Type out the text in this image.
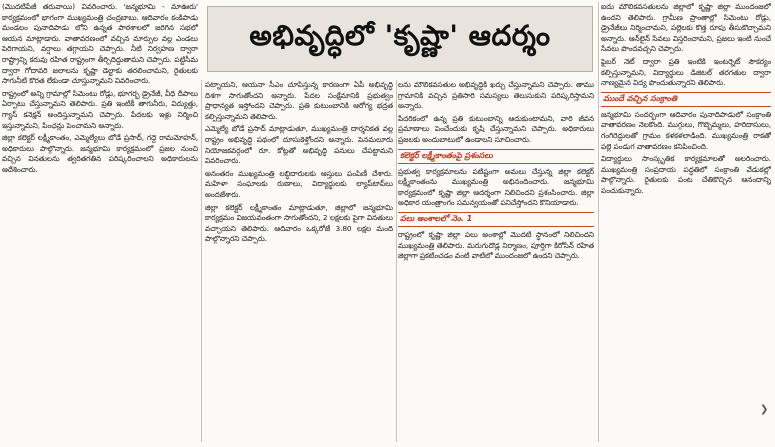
అభివృద్ధిలో 'కృష్ణా' ఆదర్శం

(మొదటిపేజీ తరువాయి) వివరించారు. 'జన్మభూమి - మాఊరు' కార్యక్రమంలో భాగంగా ముఖ్యమంత్రి చంద్రబాబు. ఆదివారం కంకిపాడు మండలం పునాదిపాడు లోని ఉన్నత పాఠశాలలో జరిగిన సభలో ఆయన మాట్లాడారు. వాతావరణంలో వచ్చిన మార్పుల వల్ల ఎండలు పెరిగాయని, వర్షాలు తగ్గాయని చెప్పారు. నీటి నిర్వహణ ద్వారా రాష్ట్రాన్ని కరువు రహిత రాష్ట్రంగా తీర్చిదిద్దుతామని చెప్పారు. పట్టిసీమ ద్వారా గోదావరి జలాలను కృష్ణా డెల్టాకు తరలించామని, రైతులకు సాగునీటి కొరత లేకుండా చూస్తున్నామని వివరించారు.

రాష్ట్రంలో అన్ని గ్రామాల్లో సిమెంటు రోడ్లు, భూగర్భ డ్రైనేజీ, వీధి దీపాలు ఏర్పాటు చేస్తున్నామని తెలిపారు. ప్రతి ఇంటికీ తాగునీరు, విద్యుత్తు, గ్యాస్ కనెక్షన్ అందిస్తున్నామని చెప్పారు. పేదలకు ఇళ్లు నిర్మించి ఇస్తున్నామని, పింఛన్లు పెంచామని అన్నారు.

జిల్లా కలెక్టర్ లక్ష్మీకాంతం, ఎమ్మెల్యేలు బోడే ప్రసాద్, గద్దె రామమోహన్, అధికారులు పాల్గొన్నారు. జన్మభూమి కార్యక్రమంలో ప్రజల నుంచి వచ్చిన వినతులను త్వరితగతిన పరిష్కరించాలని అధికారులను ఆదేశించారు.

పట్నాయని, ఆయనా సీఎం చూపిస్తున్న కారణంగా ఏపీ అభివృద్ధి దిశగా సాగుతోందని అన్నారు. పేదల సంక్షేమానికి ప్రభుత్వం ప్రాధాన్యత ఇస్తోందని చెప్పారు. ప్రతి కుటుంబానికి ఆరోగ్య భద్రత కల్పిస్తున్నామని తెలిపారు.

ఎమ్మెల్యే బోడే ప్రసాద్ మాట్లాడుతూ, ముఖ్యమంత్రి దార్శనికత వల్ల రాష్ట్రం అభివృద్ధి పథంలో దూసుకెళ్తోందని అన్నారు. పెనమలూరు నియోజకవర్గంలో రూ. కోట్లతో అభివృద్ధి పనులు చేపట్టామని వివరించారు.

అనంతరం ముఖ్యమంత్రి లబ్ధిదారులకు ఆస్తులు పంపిణీ చేశారు. మహిళా సంఘాలకు రుణాలు, విద్యార్థులకు ల్యాప్‌టాప్‌లు అందజేశారు.

జిల్లా కలెక్టర్ లక్ష్మీకాంతం మాట్లాడుతూ, జిల్లాలో జన్మభూమి కార్యక్రమం విజయవంతంగా సాగుతోందని, 2 లక్షలకు పైగా వినతులు వచ్చాయని తెలిపారు. ఆదివారం ఒక్కరోజే 3.80 లక్షల మంది పాల్గొన్నారని చెప్పారు.

లను మౌలికవసతుల అభివృద్ధికి ఖర్చు చేస్తున్నామని చెప్పారు. తాము గ్రామానికి వచ్చిన ప్రతిసారి సమస్యలు తెలుసుకుని పరిష్కరిస్తామని అన్నారు.

పేదరికంలో ఉన్న ప్రతి కుటుంబాన్ని ఆదుకుంటామని, వారి జీవన ప్రమాణాలు పెంచేందుకు కృషి చేస్తున్నామని చెప్పారు. అధికారులు ప్రజలకు అందుబాటులో ఉండాలని సూచించారు.

కలెక్టర్ లక్ష్మీకాంతంపై ప్రశంసలు

ప్రభుత్వ కార్యక్రమాలను పటిష్టంగా అమలు చేస్తున్న జిల్లా కలెక్టర్ లక్ష్మీకాంతంను ముఖ్యమంత్రి అభినందించారు. జన్మభూమి కార్యక్రమంలో కృష్ణా జిల్లా ఆదర్శంగా నిలిచిందని ప్రశంసించారు. జిల్లా అధికార యంత్రాంగం సమన్వయంతో పనిచేస్తోందని కొనియాడారు.

పలు అంశాలలో నెం. 1

రాష్ట్రంలో కృష్ణా జిల్లా పలు అంశాల్లో మొదటి స్థానంలో నిలిచిందని ముఖ్యమంత్రి తెలిపారు. మరుగుదొడ్ల నిర్మాణం, పూర్తిగా కిరోసిన్ రహిత జిల్లాగా ప్రకటించడం వంటి వాటిలో ముందంజలో ఉందని చెప్పారు.

ఐదు మౌలికవసతులను జిల్లాలో కృష్ణా జిల్లా ముందంజలో ఉందని తెలిపారు. గ్రామీణ ప్రాంతాల్లో సిమెంటు రోడ్లు, డ్రైనేజీలు నిర్మించామని, పల్లెలకు కొత్త రూపు తీసుకొచ్చామని అన్నారు. ఆన్‌లైన్ సేవలు విస్తరించామని, ప్రజలు ఇంటి నుంచే సేవలు పొందవచ్చని చెప్పారు.

ఫైబర్ నెట్ ద్వారా ప్రతి ఇంటికి ఇంటర్నెట్ సౌకర్యం కల్పిస్తున్నామని, విద్యార్థులు డిజిటల్ తరగతుల ద్వారా నాణ్యమైన విద్య పొందుతున్నారని తెలిపారు.

ముందే వచ్చిన సంక్రాంతి

జన్మభూమి సందర్భంగా ఆదివారం పునాదిపాడులో సంక్రాంతి వాతావరణం నెలకొంది. ముగ్గులు, గొబ్బెమ్మలు, హరిదాసులు, గంగిరెద్దులతో గ్రామం కళకళలాడింది. ముఖ్యమంత్రి రాకతో పల్లె పండుగ వాతావరణం కనిపించింది.

విద్యార్థులు సాంస్కృతిక కార్యక్రమాలతో అలరించారు. ముఖ్యమంత్రి సంప్రదాయ పద్ధతిలో సంక్రాంతి వేడుకల్లో పాల్గొన్నారు. రైతులకు పంట చేతికొచ్చిన ఆనందాన్ని పంచుకున్నారు.

❯
